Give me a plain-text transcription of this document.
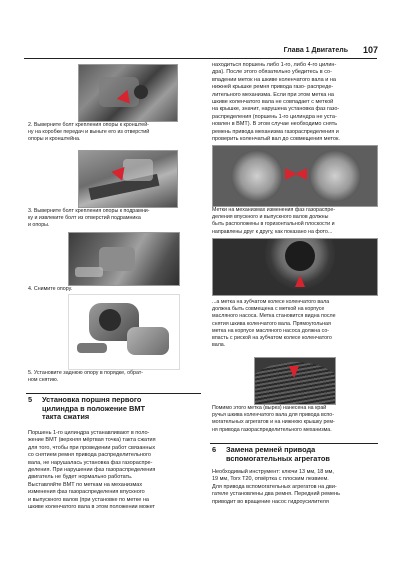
Глава 1 Двигатель	107
2. Выверните болт крепления опоры к кронштей-
ну на коробке передач и выньте его из отверстий
опоры и кронштейна.
3. Выверните болт крепления опоры к подрамни-
ку и извлеките болт из отверстий подрамника
и опоры.
4. Снимите опору.
5. Установите заднюю опору в порядке, обрат-
ном снятию.
5	Установка поршня первого
цилиндра в положение ВМТ
такта сжатия
Поршень 1-го цилиндра устанавливают в поло-
жение ВМТ (верхняя мёртвая точка) такта сжатия
для того, чтобы при проведении работ связанных
со снятием ремня привода распределительного
вала, не нарушалась установка фаз газораспре-
деления. При нарушении фаз газораспределения
двигатель не будет нормально работать.
Выставляйте ВМТ по меткам на механизмах
изменения фаз газораспределения впускного
и выпускного валов (при установке по метке на
шкиве коленчатого вала в этом положении может
находиться поршень либо 1-го, либо 4-го цилин-
дра). После этого обязательно убедитесь в со-
впадении меток на шкиве коленчатого вала и на
нижней крышке ремня привода газо- распреде-
лительного механизма. Если при этом метка на
шкиве коленчатого вала не совпадает с меткой
на крышке, значит, нарушена установка фаз газо-
распределения (поршень 1-го цилиндра не уста-
новлен в ВМТ). В этом случае необходимо снять
ремень привода механизма газораспределения и
проверить коленчатый вал до совмещения меток.
Метки на механизмах изменения фаз газораспре-
деления впускного и выпускного валов должны
быть расположены в горизонтальной плоскости и
направлены друг к другу, как показано на фото...
...а метка на зубчатом колесе коленчатого вала
должна быть совмещена с меткой на корпусе
масляного насоса. Метка становится видна после
снятия шкива коленчатого вала. Прямоугольная
метка на корпусе масляного насоса должна со-
впасть с риской на зубчатом колесе коленчатого
вала.
Помимо этого метка (вырез) нанесена на край
ручья шкива коленчатого вала для привода вспо-
могательных агрегатов и на нижнюю крышку рем-
ня привода газораспределительного механизма.
6	Замена ремней привода
вспомогательных агрегатов
Необходимый инструмент: ключи 13 мм, 18 мм,
19 мм, Torx T20, отвёртка с плоским лезвием.
Для привода вспомогательных агрегатов на дви-
гателе установлены два ремня. Передний ремень
приводит во вращение насос гидроусилителя
